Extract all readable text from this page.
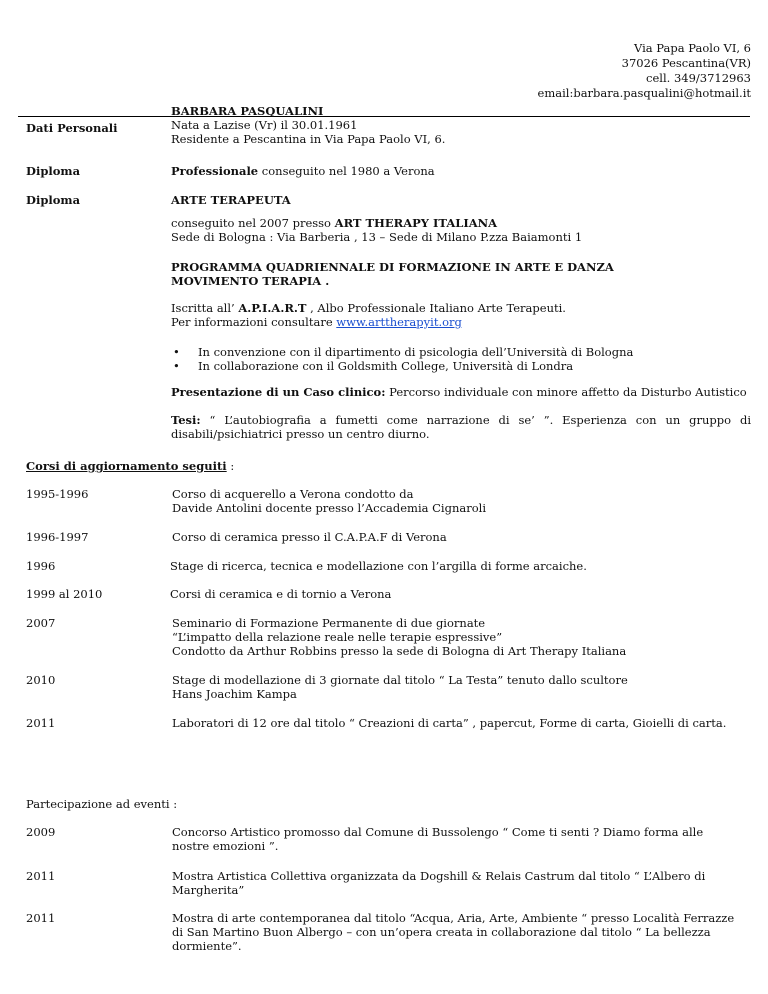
Via Papa Paolo VI, 6
37026 Pescantina(VR)
cell. 349/3712963
email:barbara.pasqualini@hotmail.it
Dati Personali
BARBARA PASQUALINI
Nata a Lazise (Vr) il 30.01.1961
Residente a Pescantina in Via Papa Paolo VI, 6.
Diploma	Professionale conseguito nel 1980 a Verona
Diploma	ARTE TERAPEUTA
conseguito nel 2007 presso ART THERAPY ITALIANA
Sede di Bologna : Via Barberia , 13 – Sede di Milano P.zza Baiamonti 1
PROGRAMMA QUADRIENNALE DI FORMAZIONE IN ARTE E DANZA
MOVIMENTO TERAPIA .
Iscritta all’ A.P.I.A.R.T , Albo Professionale Italiano Arte Terapeuti.
Per informazioni consultare www.arttherapyit.org
• In convenzione con il dipartimento di psicologia dell’Università di Bologna
• In collaborazione con il Goldsmith College, Università di Londra
Presentazione di un Caso clinico: Percorso individuale con minore affetto da Disturbo Autistico
Tesi: “ L’autobiografia a fumetti come narrazione di se’ ”. Esperienza con un gruppo di disabili/psichiatrici presso un centro diurno.
Corsi di aggiornamento seguiti :
1995-1996	Corso di acquerello a Verona condotto da
Davide Antolini docente presso l’Accademia Cignaroli
1996-1997	Corso di ceramica presso il C.A.P.A.F di Verona
1996	Stage di ricerca, tecnica e modellazione con l’argilla di forme arcaiche.
1999 al 2010	Corsi di ceramica e di tornio a Verona
2007	Seminario di Formazione Permanente di due giornate
“L’impatto della relazione reale nelle terapie espressive”
Condotto da Arthur Robbins presso la sede di Bologna di Art Therapy Italiana
2010	Stage di modellazione di 3 giornate dal titolo “ La Testa” tenuto dallo scultore
Hans Joachim Kampa
2011	Laboratori di 12 ore dal titolo “ Creazioni di carta” , papercut, Forme di carta, Gioielli di carta.
Partecipazione ad eventi :
2009	Concorso Artistico promosso dal Comune di Bussolengo “ Come ti senti ? Diamo forma alle nostre emozioni ”.
2011	Mostra Artistica Collettiva organizzata da Dogshill & Relais Castrum dal titolo “ L’Albero di Margherita”
2011	Mostra di arte contemporanea dal titolo “Acqua, Aria, Arte, Ambiente “ presso Località Ferrazze di San Martino Buon Albergo – con un’opera creata in collaborazione dal titolo “ La bellezza dormiente”.
